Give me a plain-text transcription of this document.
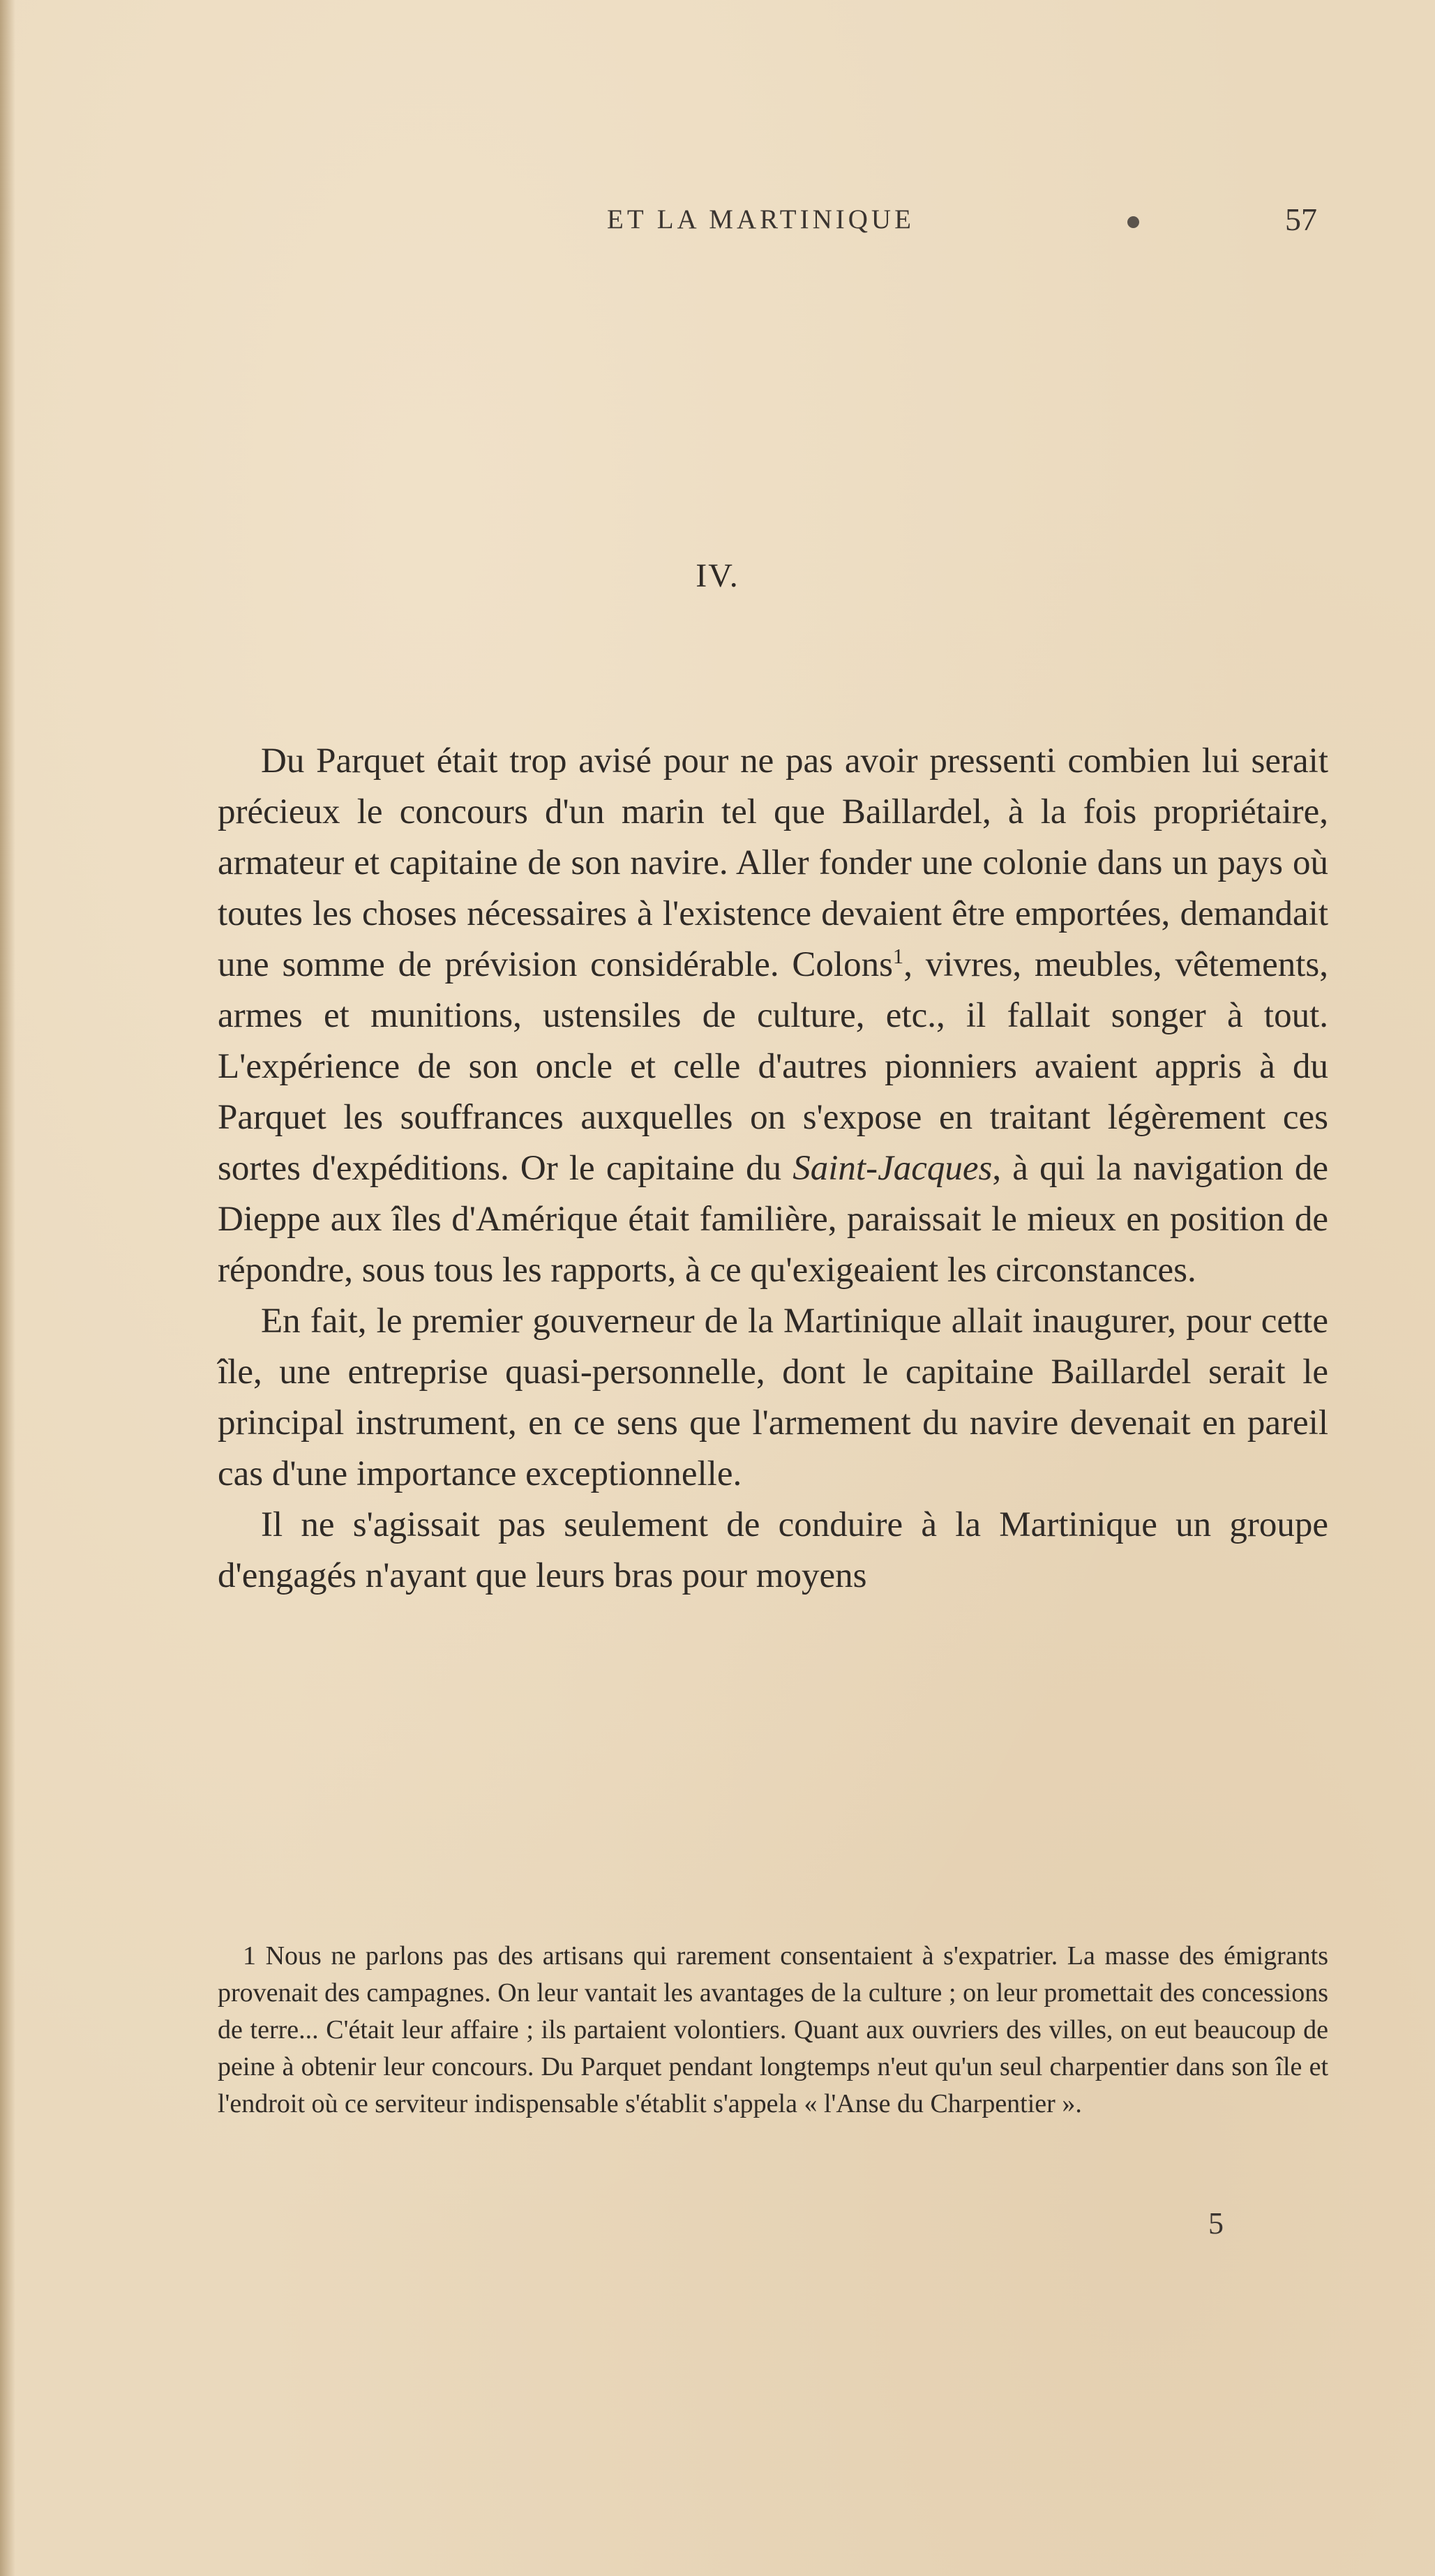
ET LA MARTINIQUE	57
IV.

Du Parquet était trop avisé pour ne pas avoir pressenti combien lui serait précieux le concours d'un marin tel que Baillardel, à la fois propriétaire, armateur et capitaine de son navire. Aller fonder une colonie dans un pays où toutes les choses nécessaires à l'existence devaient être emportées, demandait une somme de prévision considérable. Colons$^1$, vivres, meubles, vêtements, armes et munitions, ustensiles de culture, etc., il fallait songer à tout. L'expérience de son oncle et celle d'autres pionniers avaient appris à du Parquet les souffrances auxquelles on s'expose en traitant légèrement ces sortes d'expéditions. Or le capitaine du Saint-Jacques, à qui la navigation de Dieppe aux îles d'Amérique était familière, paraissait le mieux en position de répondre, sous tous les rapports, à ce qu'exigeaient les circonstances.

En fait, le premier gouverneur de la Martinique allait inaugurer, pour cette île, une entreprise quasi-personnelle, dont le capitaine Baillardel serait le principal instrument, en ce sens que l'armement du navire devenait en pareil cas d'une importance exceptionnelle.

Il ne s'agissait pas seulement de conduire à la Martinique un groupe d'engagés n'ayant que leurs bras pour moyens

1 Nous ne parlons pas des artisans qui rarement consentaient à s'expatrier. La masse des émigrants provenait des campagnes. On leur vantait les avantages de la culture ; on leur promettait des concessions de terre... C'était leur affaire ; ils partaient volontiers. Quant aux ouvriers des villes, on eut beaucoup de peine à obtenir leur concours. Du Parquet pendant longtemps n'eut qu'un seul charpentier dans son île et l'endroit où ce serviteur indispensable s'établit s'appela « l'Anse du Charpentier ».
5
